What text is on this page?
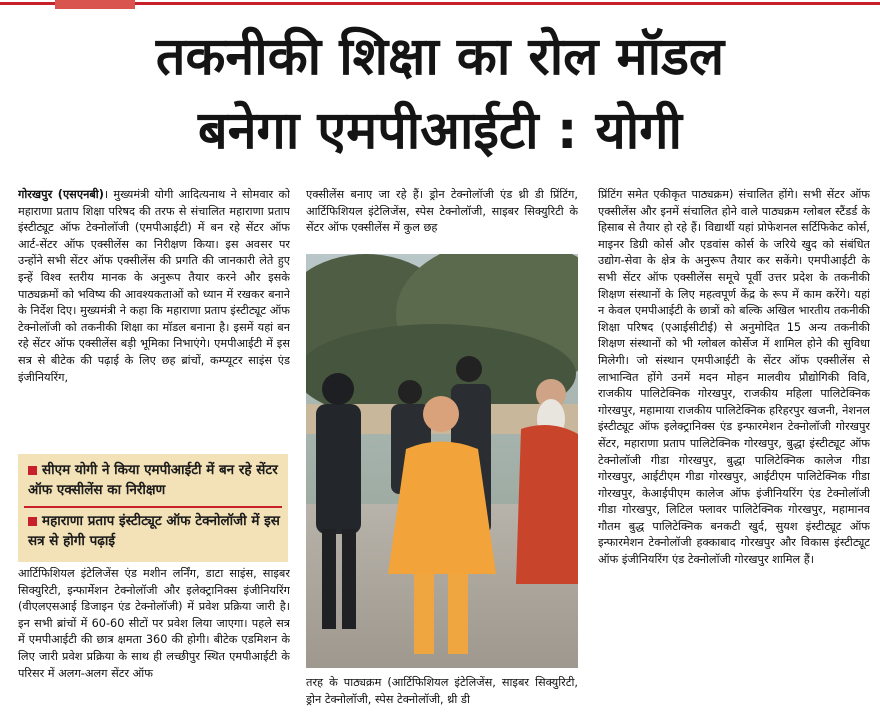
तकनीकी शिक्षा का रोल मॉडल
बनेगा एमपीआईटी : योगी
गोरखपुर (एसएनबी)। मुख्यमंत्री योगी आदित्यनाथ ने सोमवार को महाराणा प्रताप शिक्षा परिषद की तरफ से संचालित महाराणा प्रताप इंस्टीट्यूट ऑफ टेक्नोलॉजी (एमपीआईटी) में बन रहे सेंटर ऑफ आर्ट-सेंटर ऑफ एक्सीलेंस का निरीक्षण किया। इस अवसर पर उन्होंने सभी सेंटर ऑफ एक्सीलेंस की प्रगति की जानकारी लेते हुए इन्हें विश्व स्तरीय मानक के अनुरूप तैयार करने और इसके पाठ्यक्रमों को भविष्य की आवश्यकताओं को ध्यान में रखकर बनाने के निर्देश दिए। मुख्यमंत्री ने कहा कि महाराणा प्रताप इंस्टीट्यूट ऑफ टेक्नोलॉजी को तकनीकी शिक्षा का मॉडल बनाना है। इसमें यहां बन रहे सेंटर ऑफ एक्सीलेंस बड़ी भूमिका निभाएंगे। एमपीआईटी में इस सत्र से बीटेक की पढ़ाई के लिए छह ब्रांचों, कम्प्यूटर साइंस एंड इंजीनियरिंग,
सीएम योगी ने किया एमपीआईटी में बन रहे सेंटर ऑफ एक्सीलेंस का निरीक्षण
महाराणा प्रताप इंस्टीट्यूट ऑफ टेक्नोलॉजी में इस सत्र से होगी पढ़ाई
आर्टिफिशियल इंटेलिजेंस एंड मशीन लर्निंग, डाटा साइंस, साइबर सिक्युरिटी, इन्फार्मेशन टेक्नोलॉजी और इलेक्ट्रानिक्स इंजीनियरिंग (वीएलएसआई डिजाइन एंड टेक्नोलॉजी) में प्रवेश प्रक्रिया जारी है। इन सभी ब्रांचों में 60-60 सीटों पर प्रवेश लिया जाएगा। पहले सत्र में एमपीआईटी की छात्र क्षमता 360 की होगी। बीटेक एडमिशन के लिए जारी प्रवेश प्रक्रिया के साथ ही लच्छीपुर स्थित एमपीआईटी के परिसर में अलग-अलग सेंटर ऑफ
एक्सीलेंस बनाए जा रहे हैं। ड्रोन टेक्नोलॉजी एंड थ्री डी प्रिंटिंग, आर्टिफिशियल इंटेलिजेंस, स्पेस टेक्नोलॉजी, साइबर सिक्युरिटी के सेंटर ऑफ एक्सीलेंस में कुल छह
तरह के पाठ्यक्रम (आर्टिफिशियल इंटेलिजेंस, साइबर सिक्युरिटी, ड्रोन टेक्नोलॉजी, स्पेस टेक्नोलॉजी, थ्री डी
प्रिंटिंग समेत एकीकृत पाठ्यक्रम) संचालित होंगे। सभी सेंटर ऑफ एक्सीलेंस और इनमें संचालित होने वाले पाठ्यक्रम ग्लोबल स्टैंडर्ड के हिसाब से तैयार हो रहे हैं। विद्यार्थी यहां प्रोफेशनल सर्टिफिकेट कोर्स, माइनर डिग्री कोर्स और एडवांस कोर्स के जरिये खुद को संबंधित उद्योग-सेवा के क्षेत्र के अनुरूप तैयार कर सकेंगे। एमपीआईटी के सभी सेंटर ऑफ एक्सीलेंस समूचे पूर्वी उत्तर प्रदेश के तकनीकी शिक्षण संस्थानों के लिए महत्वपूर्ण केंद्र के रूप में काम करेंगे। यहां न केवल एमपीआईटी के छात्रों को बल्कि अखिल भारतीय तकनीकी शिक्षा परिषद (एआईसीटीई) से अनुमोदित 15 अन्य तकनीकी शिक्षण संस्थानों को भी ग्लोबल कोर्सेज में शामिल होने की सुविधा मिलेगी। जो संस्थान एमपीआईटी के सेंटर ऑफ एक्सीलेंस से लाभान्वित होंगे उनमें मदन मोहन मालवीय प्रौद्योगिकी विवि, राजकीय पालिटेक्निक गोरखपुर, राजकीय महिला पालिटेक्निक गोरखपुर, महामाया राजकीय पालिटेक्निक हरिहरपुर खजनी, नेशनल इंस्टीट्यूट ऑफ इलेक्ट्रानिक्स एंड इन्फारमेशन टेक्नोलॉजी गोरखपुर सेंटर, महाराणा प्रताप पालिटेक्निक गोरखपुर, बुद्धा इंस्टीट्यूट ऑफ टेक्नोलॉजी गीडा गोरखपुर, बुद्धा पालिटेक्निक कालेज गीडा गोरखपुर, आईटीएम गीडा गोरखपुर, आईटीएम पालिटेक्निक गीडा गोरखपुर, केआईपीएम कालेज ऑफ इंजीनियरिंग एंड टेक्नोलॉजी गीडा गोरखपुर, लिटिल फ्लावर पालिटेक्निक गोरखपुर, महामानव गौतम बुद्ध पालिटेक्निक बनकटी खुर्द, सुयश इंस्टीट्यूट ऑफ इन्फारमेशन टेक्नोलॉजी हक्काबाद गोरखपुर और विकास इंस्टीट्यूट ऑफ इंजीनियरिंग एंड टेक्नोलॉजी गोरखपुर शामिल हैं।
